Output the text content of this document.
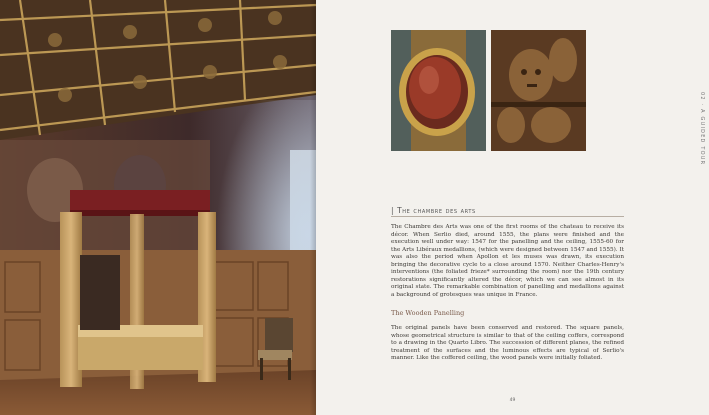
02 · A GUIDED TOUR
| The chambre des arts
The Chambre des Arts was one of the first rooms of the chateau to receive its décor. When Serlio died, around 1555, the plans were finished and the execution well under way: 1547 for the panelling and the ceiling, 1555-60 for the Arts Libéraux medallions, (which were designed between 1547 and 1555). It was also the period when Apollon et les muses was drawn, its execution bringing the decorative cycle to a close around 1570. Neither Charles-Henry's interventions (the foliated frieze* surrounding the room) nor the 19th century restorations significantly altered the décor, which we can see almost in its original state. The remarkable combination of panelling and medallions against a background of grotesques was unique in France.
The Wooden Panelling
The original panels have been conserved and restored. The square panels, whose geometrical structure is similar to that of the ceiling coffers, correspond to a drawing in the Quarto Libro. The succession of different planes, the refined treatment of the surfaces and the luminous effects are typical of Serlio's manner. Like the coffered ceiling, the wood panels were initially foliated.
49
